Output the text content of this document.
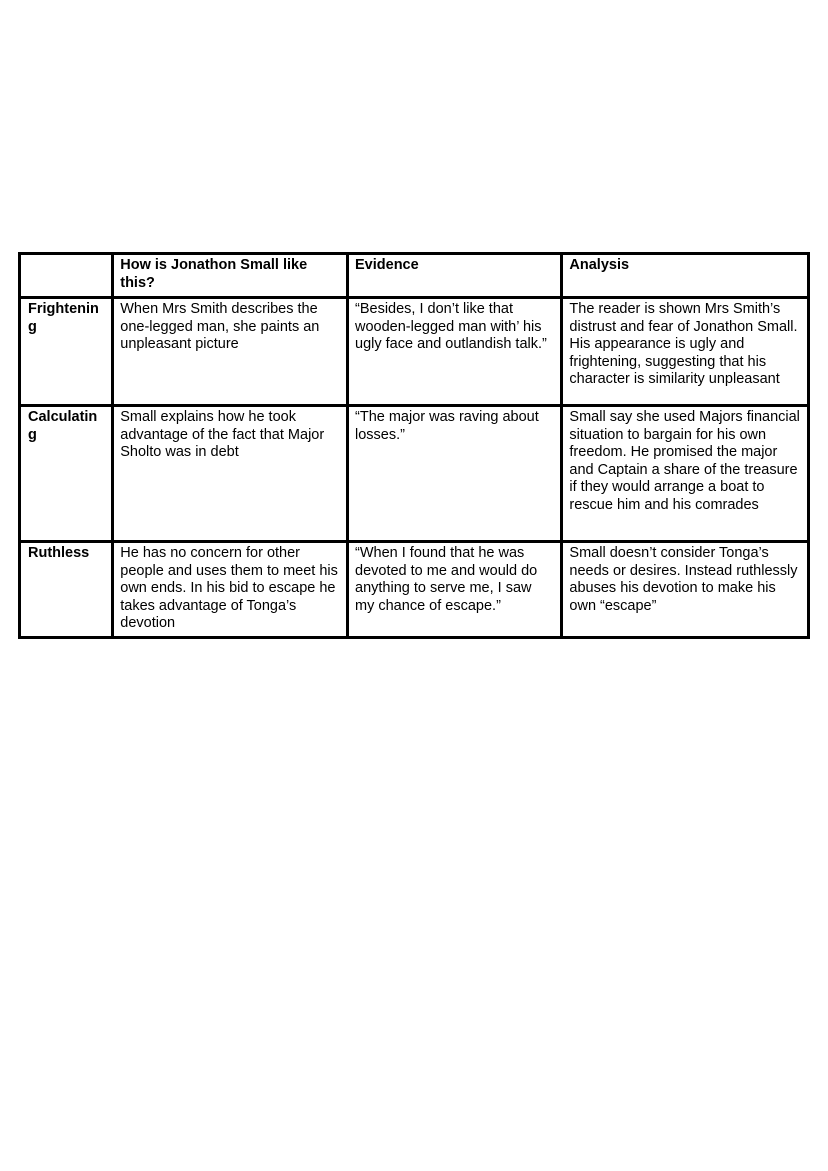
	How is Jonathon Small like this?	Evidence	Analysis
Frightening	When Mrs Smith describes the one-legged man, she paints an unpleasant picture	“Besides, I don’t like that wooden-legged man with’ his ugly face and outlandish talk.”	The reader is shown Mrs Smith’s distrust and fear of Jonathon Small. His appearance is ugly and frightening, suggesting that his character is similarity unpleasant
Calculating	Small explains how he took advantage of the fact that Major Sholto was in debt	“The major was raving about losses.”	Small say she used Majors financial situation to bargain for his own freedom. He promised the major and Captain a share of the treasure if they would arrange a boat to rescue him and his comrades
Ruthless	He has no concern for other people and uses them to meet his own ends. In his bid to escape he takes advantage of Tonga’s devotion	“When I found that he was devoted to me and would do anything to serve me, I saw my chance of escape.”	Small doesn’t consider Tonga’s needs or desires. Instead ruthlessly abuses his devotion to make his own “escape”
